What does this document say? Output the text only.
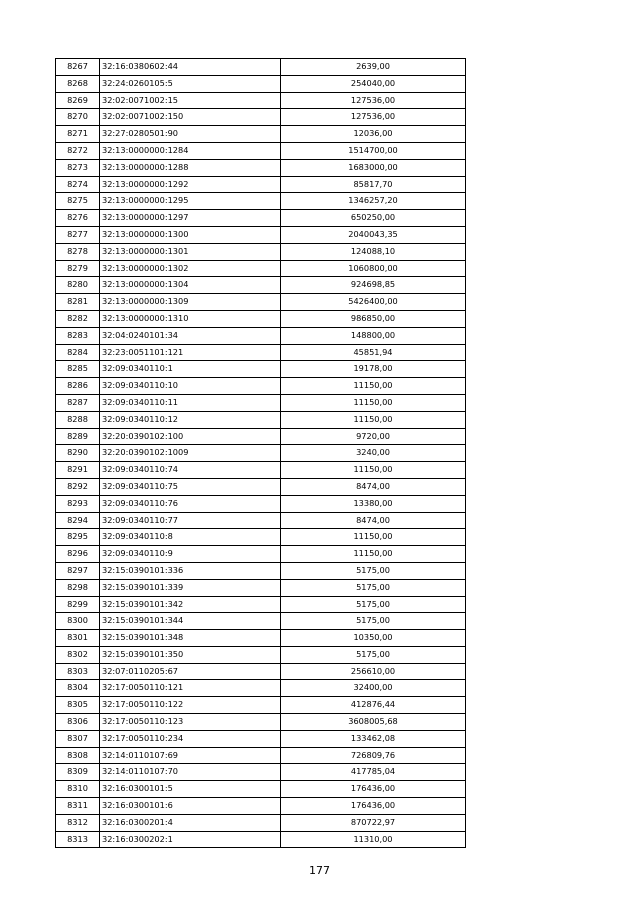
8267	32:16:0380602:44	2639,00
8268	32:24:0260105:5	254040,00
8269	32:02:0071002:15	127536,00
8270	32:02:0071002:150	127536,00
8271	32:27:0280501:90	12036,00
8272	32:13:0000000:1284	1514700,00
8273	32:13:0000000:1288	1683000,00
8274	32:13:0000000:1292	85817,70
8275	32:13:0000000:1295	1346257,20
8276	32:13:0000000:1297	650250,00
8277	32:13:0000000:1300	2040043,35
8278	32:13:0000000:1301	124088,10
8279	32:13:0000000:1302	1060800,00
8280	32:13:0000000:1304	924698,85
8281	32:13:0000000:1309	5426400,00
8282	32:13:0000000:1310	986850,00
8283	32:04:0240101:34	148800,00
8284	32:23:0051101:121	45851,94
8285	32:09:0340110:1	19178,00
8286	32:09:0340110:10	11150,00
8287	32:09:0340110:11	11150,00
8288	32:09:0340110:12	11150,00
8289	32:20:0390102:100	9720,00
8290	32:20:0390102:1009	3240,00
8291	32:09:0340110:74	11150,00
8292	32:09:0340110:75	8474,00
8293	32:09:0340110:76	13380,00
8294	32:09:0340110:77	8474,00
8295	32:09:0340110:8	11150,00
8296	32:09:0340110:9	11150,00
8297	32:15:0390101:336	5175,00
8298	32:15:0390101:339	5175,00
8299	32:15:0390101:342	5175,00
8300	32:15:0390101:344	5175,00
8301	32:15:0390101:348	10350,00
8302	32:15:0390101:350	5175,00
8303	32:07:0110205:67	256610,00
8304	32:17:0050110:121	32400,00
8305	32:17:0050110:122	412876,44
8306	32:17:0050110:123	3608005,68
8307	32:17:0050110:234	133462,08
8308	32:14:0110107:69	726809,76
8309	32:14:0110107:70	417785,04
8310	32:16:0300101:5	176436,00
8311	32:16:0300101:6	176436,00
8312	32:16:0300201:4	870722,97
8313	32:16:0300202:1	11310,00
177
